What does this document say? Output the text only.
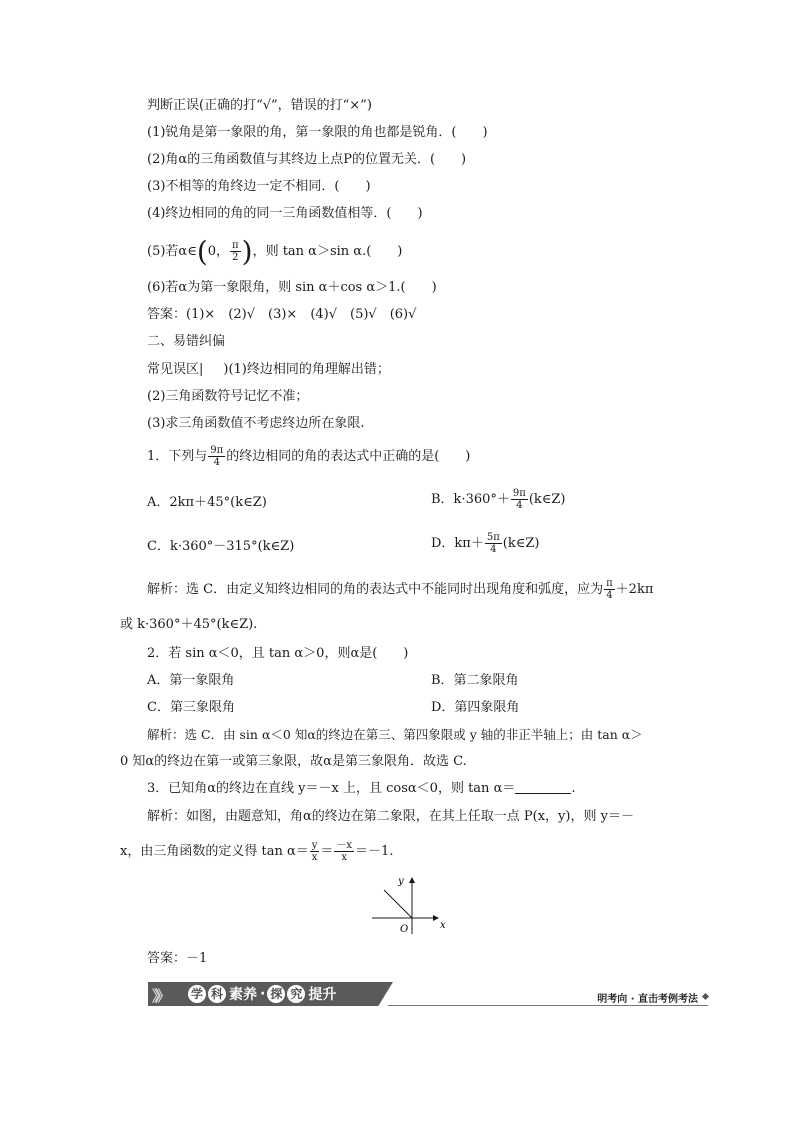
判断正误(正确的打“√”，错误的打“×”)
(1)锐角是第一象限的角，第一象限的角也都是锐角．(　　)
(2)角α的三角函数值与其终边上点P的位置无关．(　　)
(3)不相等的角终边一定不相同．(　　)
(4)终边相同的角的同一三角函数值相等．(　　)
(5)若α∈(0， $\frac{\pi}{2}$ )，则 tan α＞sin α.(　　)
(6)若α为第一象限角，则 sin α＋cos α＞1.(　　)
答案：(1)×　(2)√　(3)×　(4)√　(5)√　(6)√
二、易错纠偏
常见误区| )(1)终边相同的角理解出错；
(2)三角函数符号记忆不准；
(3)求三角函数值不考虑终边所在象限.
1．下列与 $\frac{9\pi}{4}$ 的终边相同的角的表达式中正确的是(　　)
A．2kπ＋45°(k∈Z)	B．$k\cdot 360^\circ+ \frac{9\pi}{4}$ (k∈Z)
C．k·360°－315°(k∈Z)	D．$k\pi+ \frac{5\pi}{4}$ (k∈Z)
解析：选 C．由定义知终边相同的角的表达式中不能同时出现角度和弧度，应为 $\frac{\pi}{4} +2k\pi$
或 k·360°＋45°(k∈Z).
2．若 sin α＜0，且 tan α＞0，则α是(　　)
A．第一象限角	B．第二象限角
C．第三象限角	D．第四象限角
解析：选 C．由 sin α＜0 知α的终边在第三、第四象限或 y 轴的非正半轴上；由 tan α＞
0 知α的终边在第一或第三象限，故α是第三象限角．故选 C.
3．已知角α的终边在直线 y＝－x 上，且 cosα＜0，则 tan α＝	.
解析：如图，由题意知，角α的终边在第二象限，在其上任取一点 P(x，y)，则 y＝－
x，由三角函数的定义得 $\tan \alpha= \frac{y}{x} = \frac{-x}{x} =-1$.
y
x
O
答案：－1
》》 学 科 素养 · 探 究 提升	明考向 · 直击考例考法
